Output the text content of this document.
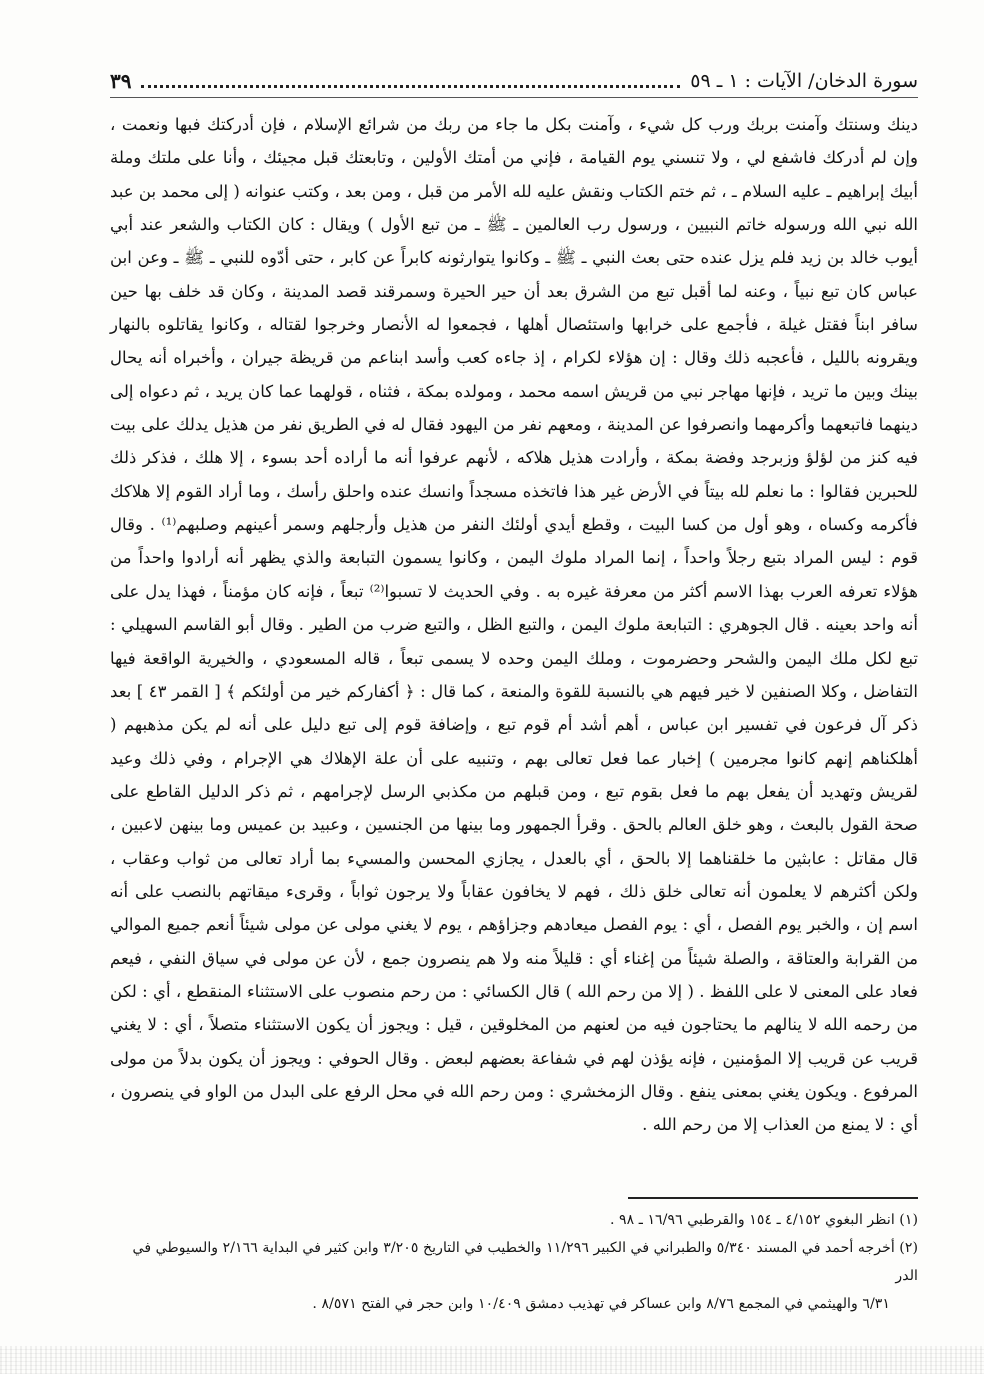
سورة الدخان/ الآيات : ١ ـ ٥٩
٣٩

دينك وسنتك وآمنت بربك ورب كل شيء ، وآمنت بكل ما جاء من ربك من شرائع الإسلام ، فإن أدركتك فبها ونعمت ، وإن لم أدركك فاشفع لي ، ولا تنسني يوم القيامة ، فإني من أمتك الأولين ، وتابعتك قبل مجيئك ، وأنا على ملتك وملة أبيك إبراهيم ـ عليه السلام ـ ، ثم ختم الكتاب ونقش عليه لله الأمر من قبل ، ومن بعد ، وكتب عنوانه ( إلى محمد بن عبد الله نبي الله ورسوله خاتم النبيين ، ورسول رب العالمين ـ ﷺ ـ من تبع الأول ) ويقال : كان الكتاب والشعر عند أبي أيوب خالد بن زيد فلم يزل عنده حتى بعث النبي ـ ﷺ ـ وكانوا يتوارثونه كابراً عن كابر ، حتى أدّوه للنبي ـ ﷺ ـ وعن ابن عباس كان تبع نبياً ، وعنه لما أقبل تبع من الشرق بعد أن حير الحيرة وسمرقند قصد المدينة ، وكان قد خلف بها حين سافر ابناً فقتل غيلة ، فأجمع على خرابها واستئصال أهلها ، فجمعوا له الأنصار وخرجوا لقتاله ، وكانوا يقاتلوه بالنهار ويقرونه بالليل ، فأعجبه ذلك وقال : إن هؤلاء لكرام ، إذ جاءه كعب وأسد ابناعم من قريظة جيران ، وأخبراه أنه يحال بينك وبين ما تريد ، فإنها مهاجر نبي من قريش اسمه محمد ، ومولده بمكة ، فثناه ، قولهما عما كان يريد ، ثم دعواه إلى دينهما فاتبعهما وأكرمهما وانصرفوا عن المدينة ، ومعهم نفر من اليهود فقال له في الطريق نفر من هذيل يدلك على بيت فيه كنز من لؤلؤ وزبرجد وفضة بمكة ، وأرادت هذيل هلاكه ، لأنهم عرفوا أنه ما أراده أحد بسوء ، إلا هلك ، فذكر ذلك للحبرين فقالوا : ما نعلم لله بيتاً في الأرض غير هذا فاتخذه مسجداً وانسك عنده واحلق رأسك ، وما أراد القوم إلا هلاكك فأكرمه وكساه ، وهو أول من كسا البيت ، وقطع أيدي أولئك النفر من هذيل وأرجلهم وسمر أعينهم وصلبهم⁽¹⁾ . وقال قوم : ليس المراد بتبع رجلاً واحداً ، إنما المراد ملوك اليمن ، وكانوا يسمون التبابعة والذي يظهر أنه أرادوا واحداً من هؤلاء تعرفه العرب بهذا الاسم أكثر من معرفة غيره به . وفي الحديث لا تسبوا⁽²⁾ تبعاً ، فإنه كان مؤمناً ، فهذا يدل على أنه واحد بعينه . قال الجوهري : التبابعة ملوك اليمن ، والتبع الظل ، والتبع ضرب من الطير . وقال أبو القاسم السهيلي : تبع لكل ملك اليمن والشحر وحضرموت ، وملك اليمن وحده لا يسمى تبعاً ، قاله المسعودي ، والخيرية الواقعة فيها التفاضل ، وكلا الصنفين لا خير فيهم هي بالنسبة للقوة والمنعة ، كما قال : ﴿ أكفاركم خير من أولئكم ﴾ [ القمر ٤٣ ] بعد ذكر آل فرعون في تفسير ابن عباس ، أهم أشد أم قوم تبع ، وإضافة قوم إلى تبع دليل على أنه لم يكن مذهبهم ( أهلكناهم إنهم كانوا مجرمين ) إخبار عما فعل تعالى بهم ، وتنبيه على أن علة الإهلاك هي الإجرام ، وفي ذلك وعيد لقريش وتهديد أن يفعل بهم ما فعل بقوم تبع ، ومن قبلهم من مكذبي الرسل لإجرامهم ، ثم ذكر الدليل القاطع على صحة القول بالبعث ، وهو خلق العالم بالحق . وقرأ الجمهور وما بينها من الجنسين ، وعبيد بن عميس وما بينهن لاعبين ، قال مقاتل : عابثين ما خلقناهما إلا بالحق ، أي بالعدل ، يجازي المحسن والمسيء بما أراد تعالى من ثواب وعقاب ، ولكن أكثرهم لا يعلمون أنه تعالى خلق ذلك ، فهم لا يخافون عقاباً ولا يرجون ثواباً ، وقرىء ميقاتهم بالنصب على أنه اسم إن ، والخبر يوم الفصل ، أي : يوم الفصل ميعادهم وجزاؤهم ، يوم لا يغني مولى عن مولى شيئاً أنعم جميع الموالي من القرابة والعتاقة ، والصلة شيئاً من إغناء أي : قليلاً منه ولا هم ينصرون جمع ، لأن عن مولى في سياق النفي ، فيعم فعاد على المعنى لا على اللفظ . ( إلا من رحم الله ) قال الكسائي : من رحم منصوب على الاستثناء المنقطع ، أي : لكن من رحمه الله لا ينالهم ما يحتاجون فيه من لعنهم من المخلوقين ، قيل : ويجوز أن يكون الاستثناء متصلاً ، أي : لا يغني قريب عن قريب إلا المؤمنين ، فإنه يؤذن لهم في شفاعة بعضهم لبعض . وقال الحوفي : ويجوز أن يكون بدلاً من مولى المرفوع . ويكون يغني بمعنى ينفع . وقال الزمخشري : ومن رحم الله في محل الرفع على البدل من الواو في ينصرون ، أي : لا يمنع من العذاب إلا من رحم الله .

(١) انظر البغوي ٤/١٥٢ ـ ١٥٤ والقرطبي ١٦/٩٦ ـ ٩٨ .
(٢) أخرجه أحمد في المسند ٥/٣٤٠ والطبراني في الكبير ١١/٢٩٦ والخطيب في التاريخ ٣/٢٠٥ وابن كثير في البداية ٢/١٦٦ والسيوطي في الدر
٦/٣١ والهيثمي في المجمع ٨/٧٦ وابن عساكر في تهذيب دمشق ١٠/٤٠٩ وابن حجر في الفتح ٨/٥٧١ .
